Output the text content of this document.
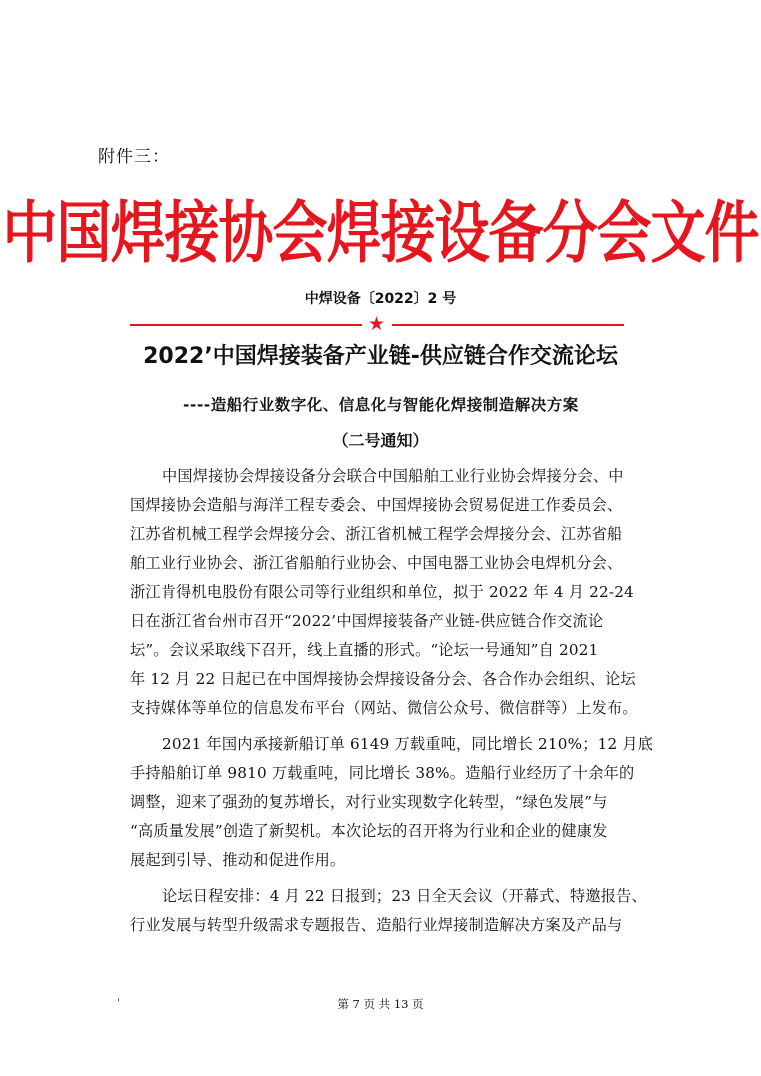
附件三：
中国焊接协会焊接设备分会文件
中焊设备〔2022〕2 号
★
2022’中国焊接装备产业链-供应链合作交流论坛
----造船行业数字化、信息化与智能化焊接制造解决方案
（二号通知）
中国焊接协会焊接设备分会联合中国船舶工业行业协会焊接分会、中
国焊接协会造船与海洋工程专委会、中国焊接协会贸易促进工作委员会、
江苏省机械工程学会焊接分会、浙江省机械工程学会焊接分会、江苏省船
舶工业行业协会、浙江省船舶行业协会、中国电器工业协会电焊机分会、
浙江肯得机电股份有限公司等行业组织和单位，拟于 2022 年 4 月 22-24
日在浙江省台州市召开“2022’中国焊接装备产业链-供应链合作交流论
坛”。会议采取线下召开，线上直播的形式。“论坛一号通知”自 2021
年 12 月 22 日起已在中国焊接协会焊接设备分会、各合作办会组织、论坛
支持媒体等单位的信息发布平台（网站、微信公众号、微信群等）上发布。
2021 年国内承接新船订单 6149 万载重吨，同比增长 210%；12 月底
手持船舶订单 9810 万载重吨，同比增长 38%。造船行业经历了十余年的
调整，迎来了强劲的复苏增长，对行业实现数字化转型，“绿色发展”与
“高质量发展”创造了新契机。本次论坛的召开将为行业和企业的健康发
展起到引导、推动和促进作用。
论坛日程安排：4 月 22 日报到；23 日全天会议（开幕式、特邀报告、
行业发展与转型升级需求专题报告、造船行业焊接制造解决方案及产品与
'	第 7 页 共 13 页
